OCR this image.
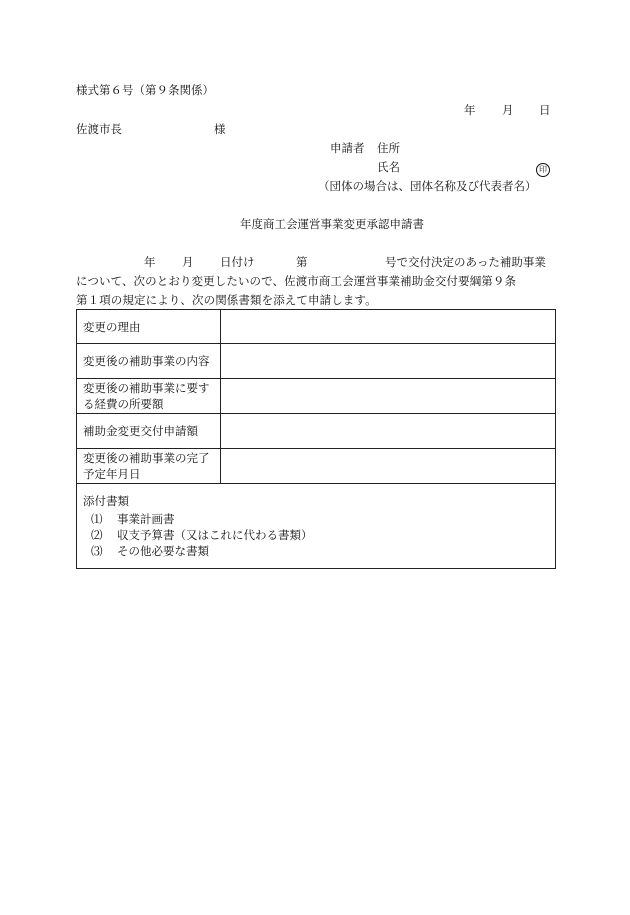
様式第６号（第９条関係）
年 月 日
佐渡市長	様
申請者 住所
氏名	印
（団体の場合は、団体名称及び代表者名）
年度商工会運営事業変更承認申請書
年 月 日付け	第	号で交付決定のあった補助事業
について、次のとおり変更したいので、佐渡市商工会運営事業補助金交付要綱第９条
第１項の規定により、次の関係書類を添えて申請します。
変更の理由	
変更後の補助事業の内容	
変更後の補助事業に要する経費の所要額	
補助金変更交付申請額	
変更後の補助事業の完了予定年月日	

添付書類
⑴ 事業計画書
⑵ 収支予算書（又はこれに代わる書類）
⑶ その他必要な書類	
